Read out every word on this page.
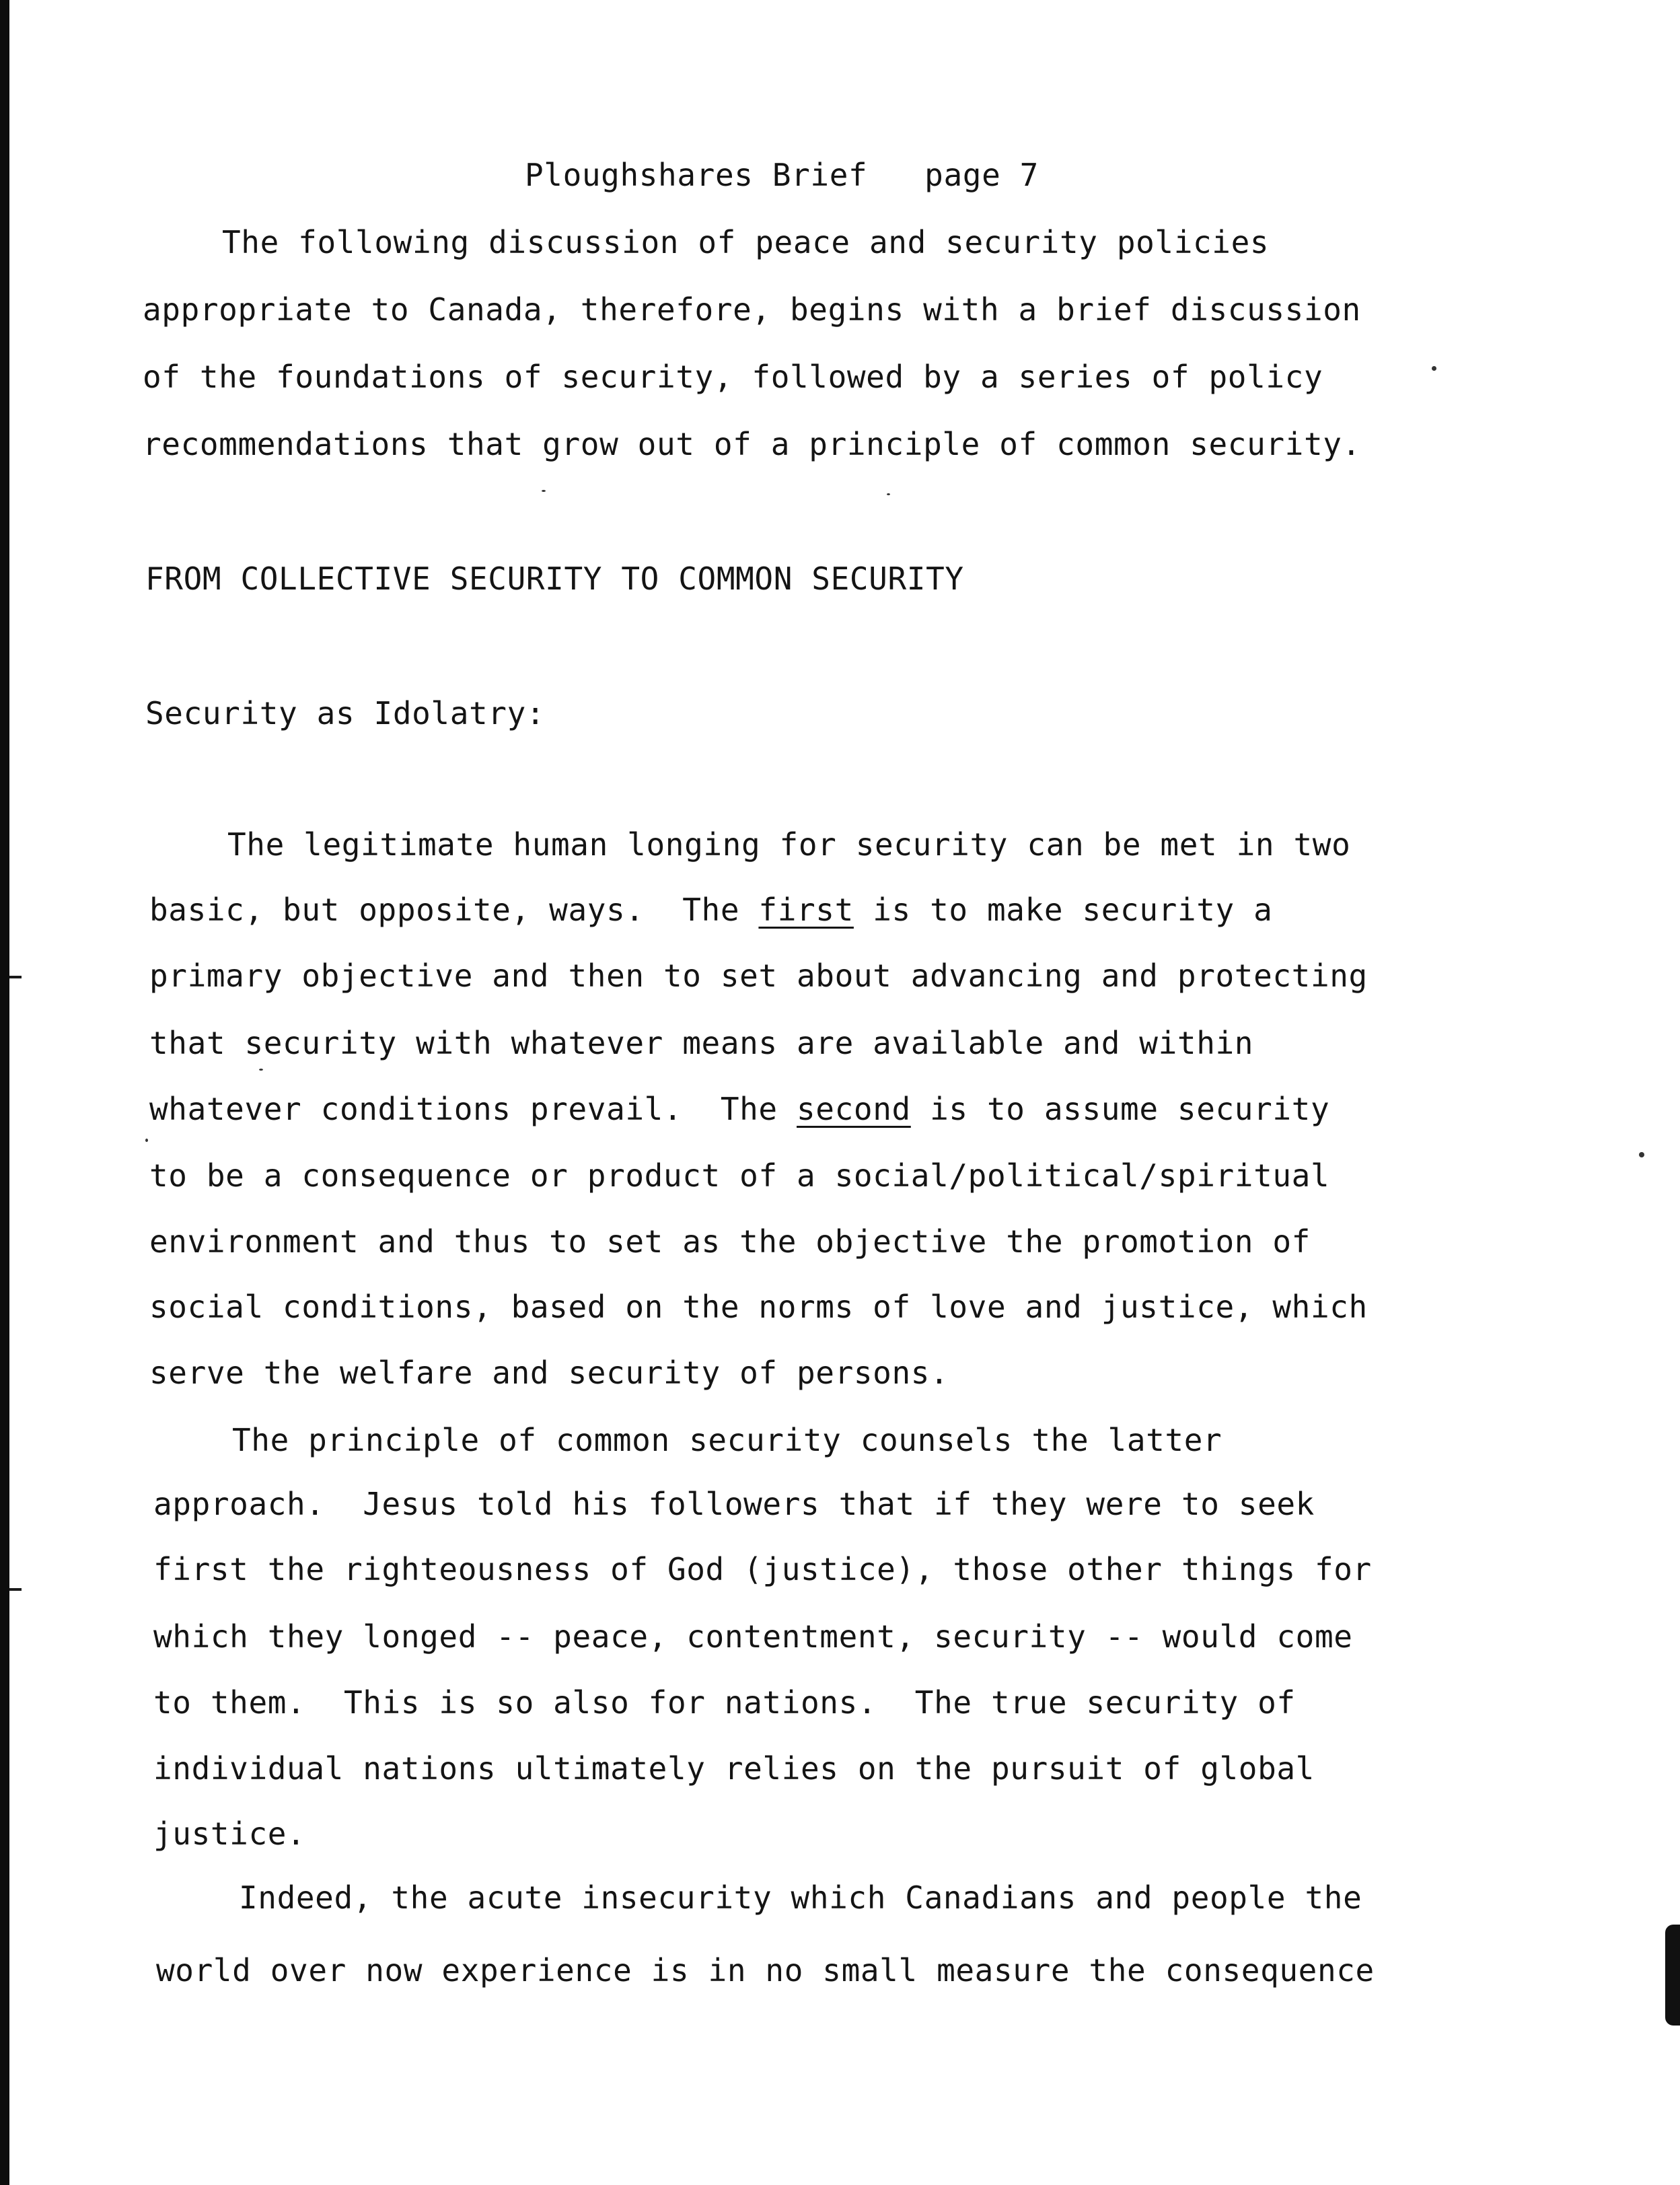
Ploughshares Brief   page 7
The following discussion of peace and security policies
appropriate to Canada, therefore, begins with a brief discussion
of the foundations of security, followed by a series of policy
recommendations that grow out of a principle of common security.
FROM COLLECTIVE SECURITY TO COMMON SECURITY
Security as Idolatry:
The legitimate human longing for security can be met in two
basic, but opposite, ways.  The first is to make security a
primary objective and then to set about advancing and protecting
that security with whatever means are available and within
whatever conditions prevail.  The second is to assume security
to be a consequence or product of a social/political/spiritual
environment and thus to set as the objective the promotion of
social conditions, based on the norms of love and justice, which
serve the welfare and security of persons.
The principle of common security counsels the latter
approach.  Jesus told his followers that if they were to seek
first the righteousness of God (justice), those other things for
which they longed -- peace, contentment, security -- would come
to them.  This is so also for nations.  The true security of
individual nations ultimately relies on the pursuit of global
justice.
Indeed, the acute insecurity which Canadians and people the
world over now experience is in no small measure the consequence
